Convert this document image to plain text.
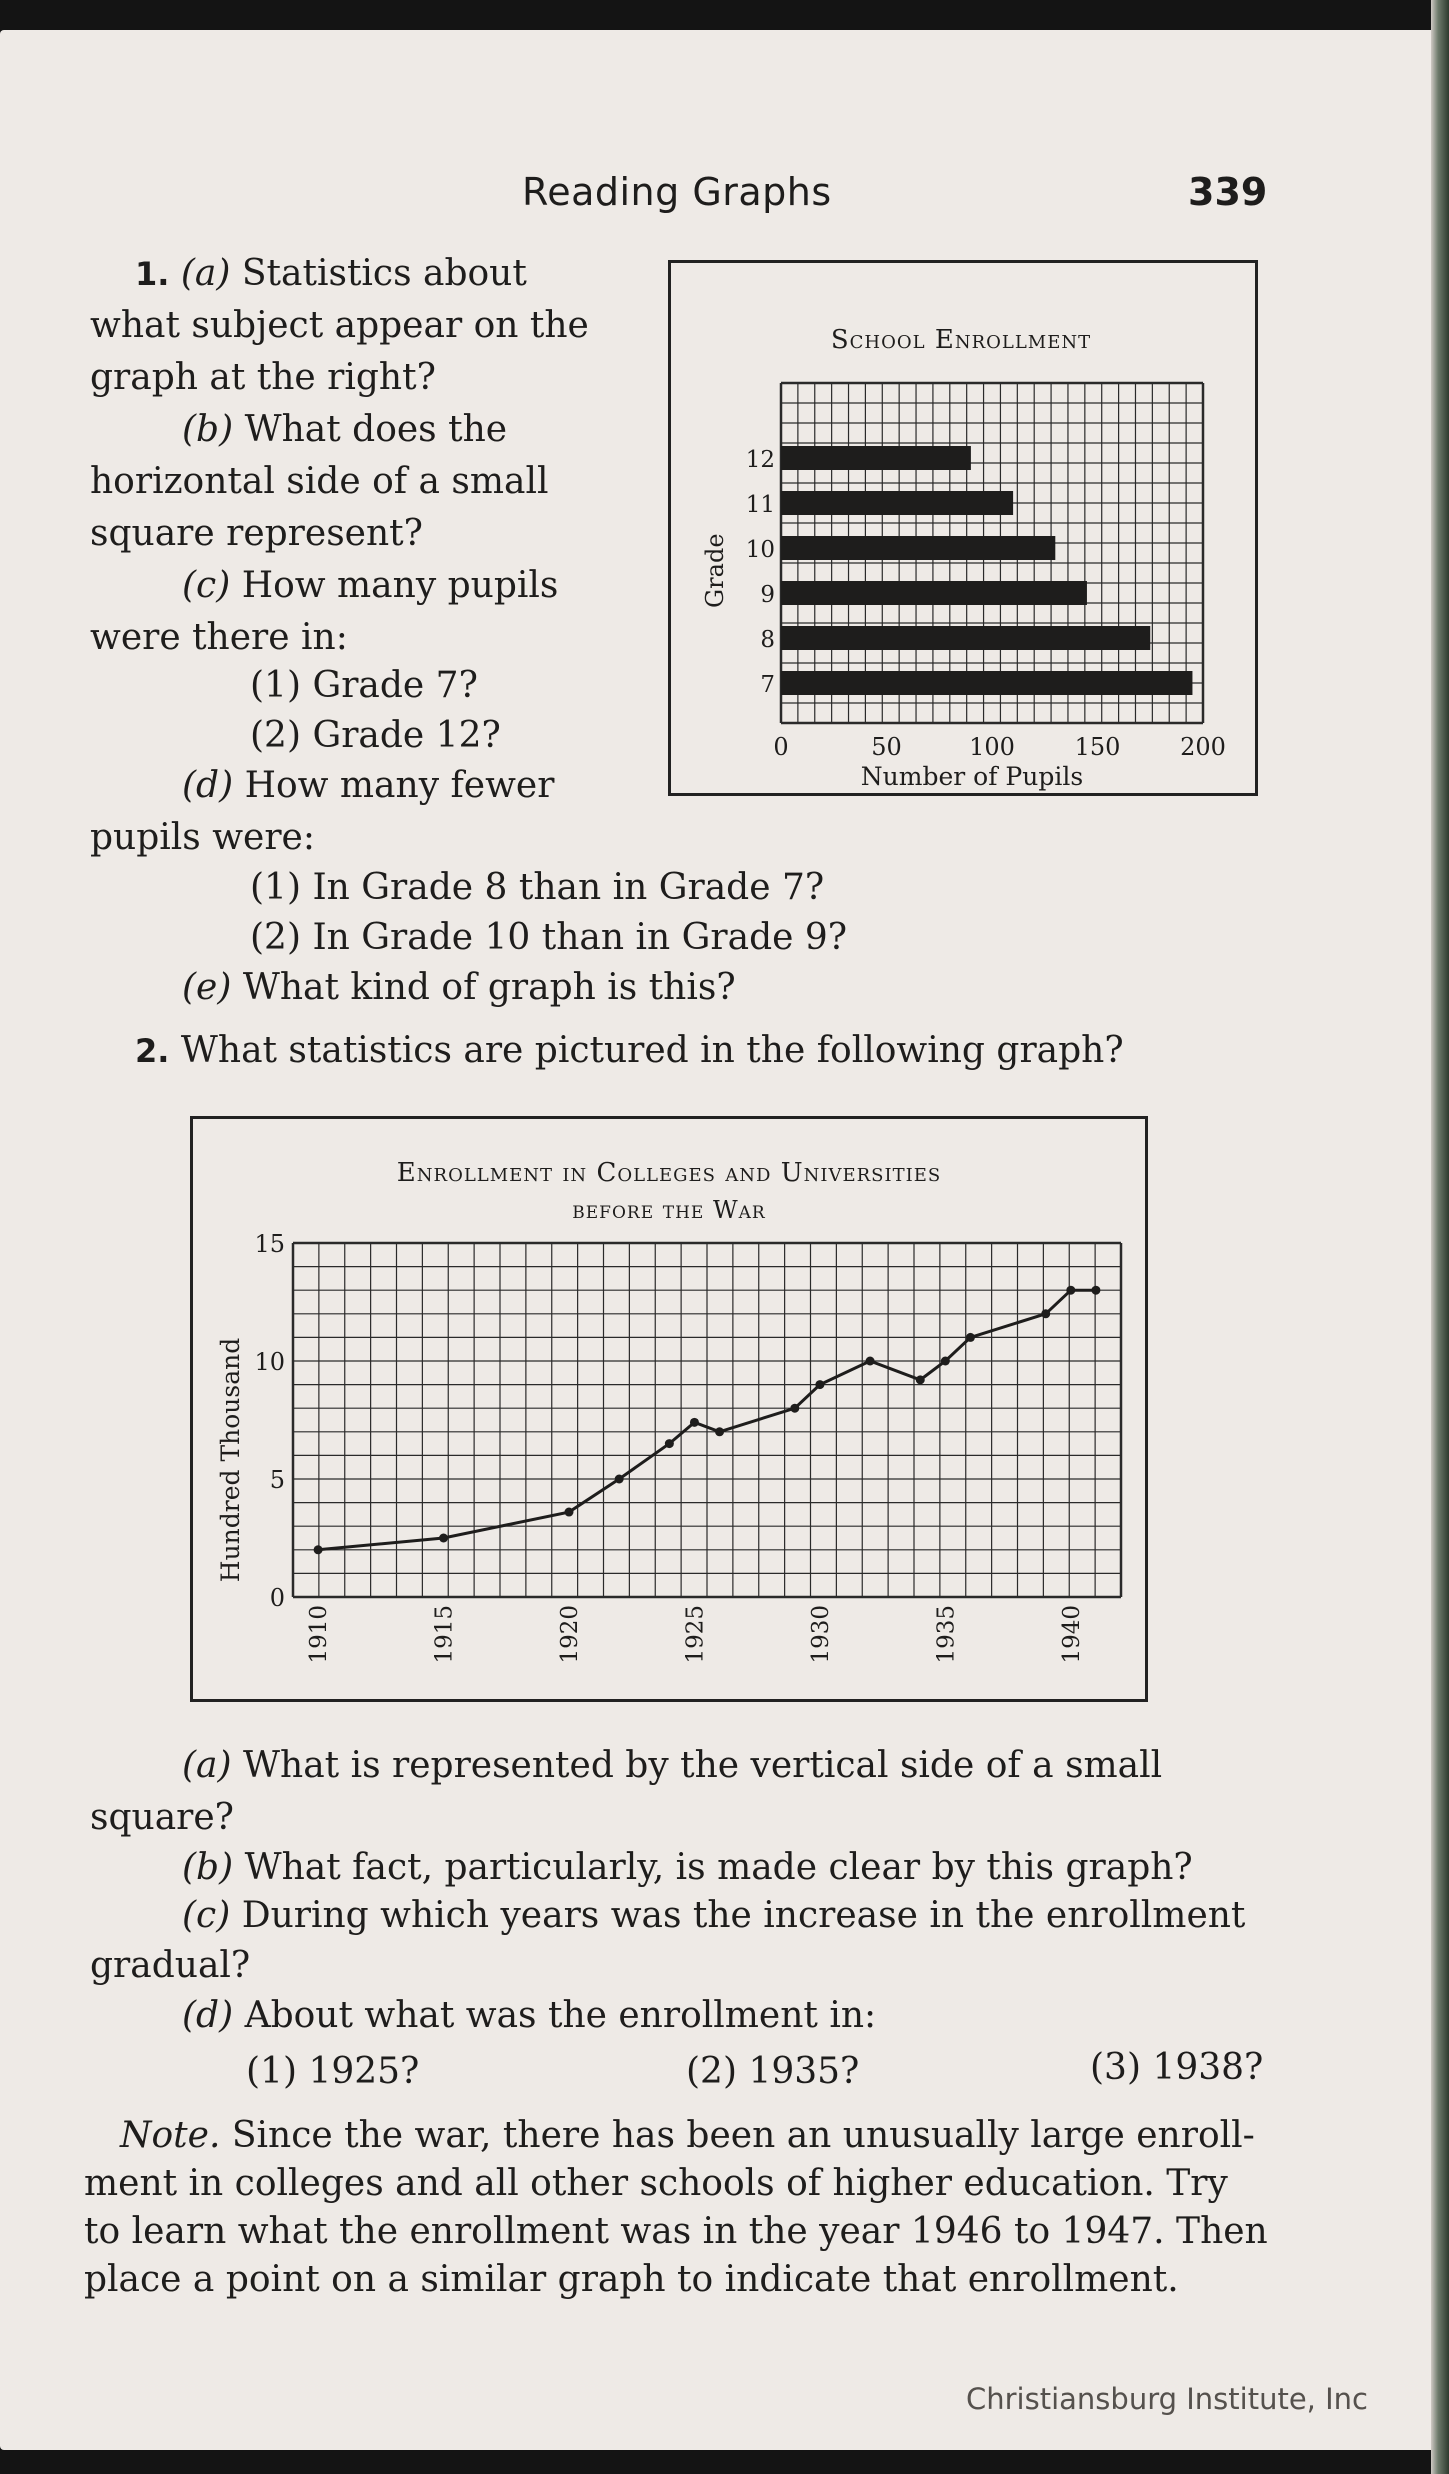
Reading Graphs	339
1. (a) Statistics about
what subject appear on the
graph at the right?
(b) What does the
horizontal side of a small
square represent?
(c) How many pupils
were there in:
(1) Grade 7?
(2) Grade 12?
(d) How many fewer
pupils were:
(1) In Grade 8 than in Grade 7?
(2) In Grade 10 than in Grade 9?
(e) What kind of graph is this?
School Enrollment
12
11
10
9
8
7
0	50	100 150 200
Grade
Number of Pupils
2. What statistics are pictured in the following graph?
Enrollment in Colleges and Universities
before the War
0
5
10
15
1910	1915	1920	1925	1930	1935	1940
Hundred Thousand
(a) What is represented by the vertical side of a small
square?
(b) What fact, particularly, is made clear by this graph?
(c) During which years was the increase in the enrollment
gradual?
(d) About what was the enrollment in:
(1) 1925?	(2) 1935?	(3) 1938?
Note. Since the war, there has been an unusually large enroll-
ment in colleges and all other schools of higher education. Try
to learn what the enrollment was in the year 1946 to 1947. Then
place a point on a similar graph to indicate that enrollment.
Christiansburg Institute, Inc
